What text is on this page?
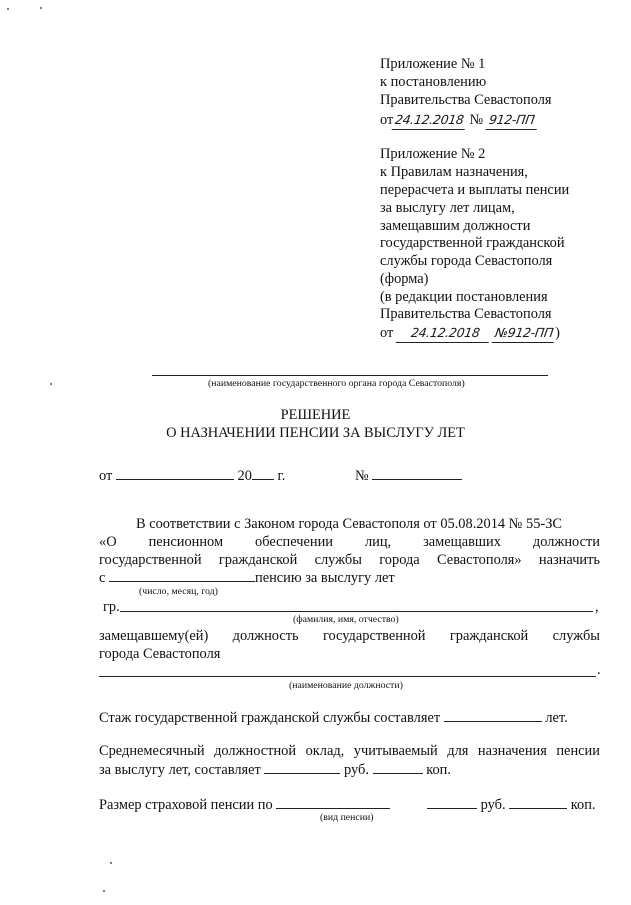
Приложение № 1
к постановлению
Правительства Севастополя
от24.12.2018 № 912-ПП
Приложение № 2
к Правилам назначения,
перерасчета и выплаты пенсии
за выслугу лет лицам,
замещавшим должности
государственной гражданской
службы города Севастополя
(форма)
(в редакции постановления
Правительства Севастополя
от 24.12.2018 №912-ПП)
(наименование государственного органа города Севастополя)
РЕШЕНИЕ
О НАЗНАЧЕНИИ ПЕНСИИ ЗА ВЫСЛУГУ ЛЕТ
от	20 г.	№
В соответствии с Законом города Севастополя от 05.08.2014 № 55-ЗС
«О пенсионном обеспечении лиц, замещавших должности
государственной гражданской службы города Севастополя» назначить
с	пенсию за выслугу лет
(число, месяц, год)
гр.	,
(фамилия, имя, отчество)
замещавшему(ей) должность государственной гражданской службы
города Севастополя
.
(наименование должности)
Стаж государственной гражданской службы составляет	лет.
Среднемесячный должностной оклад, учитываемый для назначения пенсии
за выслугу лет, составляет	руб.	коп.
Размер страховой пенсии по	руб.	коп.
(вид пенсии)
